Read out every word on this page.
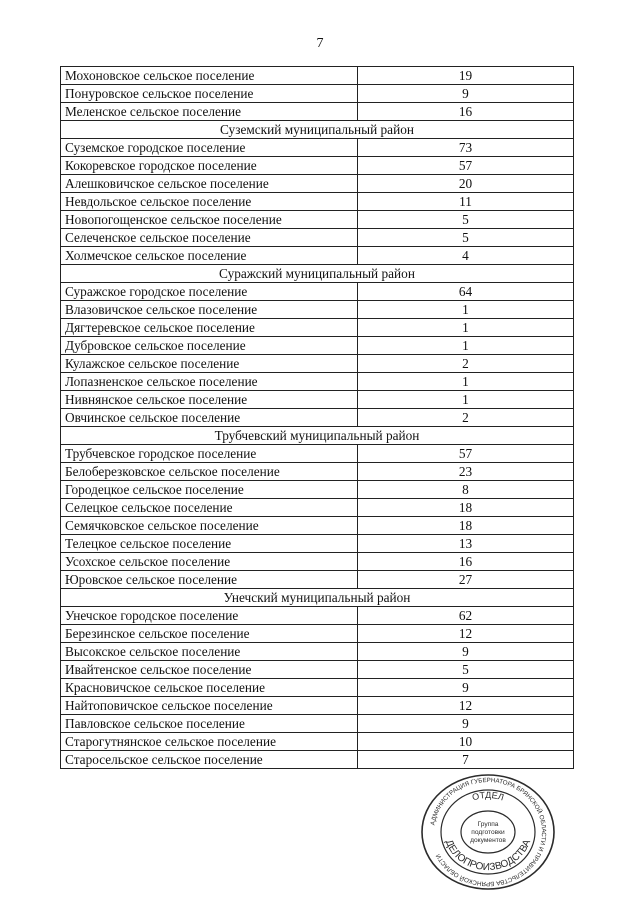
7
Мохоновское сельское поселение	19
Понуровское сельское поселение	9
Меленское сельское поселение	16
Суземский муниципальный район	
Суземское городское поселение	73
Кокоревское городское поселение	57
Алешковичское сельское поселение	20
Невдольское сельское поселение	11
Новопогощенское сельское поселение	5
Селеченское сельское поселение	5
Холмечское сельское поселение	4
Суражский муниципальный район	
Суражское городское поселение	64
Влазовичское сельское поселение	1
Дягтеревское сельское поселение	1
Дубровское сельское поселение	1
Кулажское сельское поселение	2
Лопазненское сельское поселение	1
Нивнянское сельское поселение	1
Овчинское сельское поселение	2
Трубчевский муниципальный район	
Трубчевское городское поселение	57
Белоберезковское сельское поселение	23
Городецкое сельское поселение	8
Селецкое сельское поселение	18
Семячковское сельское поселение	18
Телецкое сельское поселение	13
Усохское сельское поселение	16
Юровское сельское поселение	27
Унечский муниципальный район	
Унечское городское поселение	62
Березинское сельское поселение	12
Высокское сельское поселение	9
Ивайтенское сельское поселение	5
Красновичское сельское поселение	9
Найтоповичское сельское поселение	12
Павловское сельское поселение	9
Старогутнянское сельское поселение	10
Старосельское сельское поселение	7
АДМИНИСТРАЦИЯ ГУБЕРНАТОРА БРЯНСКОЙ ОБЛАСТИ И ПРАВИТЕЛЬСТВА БРЯНСКОЙ ОБЛАСТИ
ОТДЕЛ
ДЕЛОПРОИЗВОДСТВА
Группа
подготовки
документов
